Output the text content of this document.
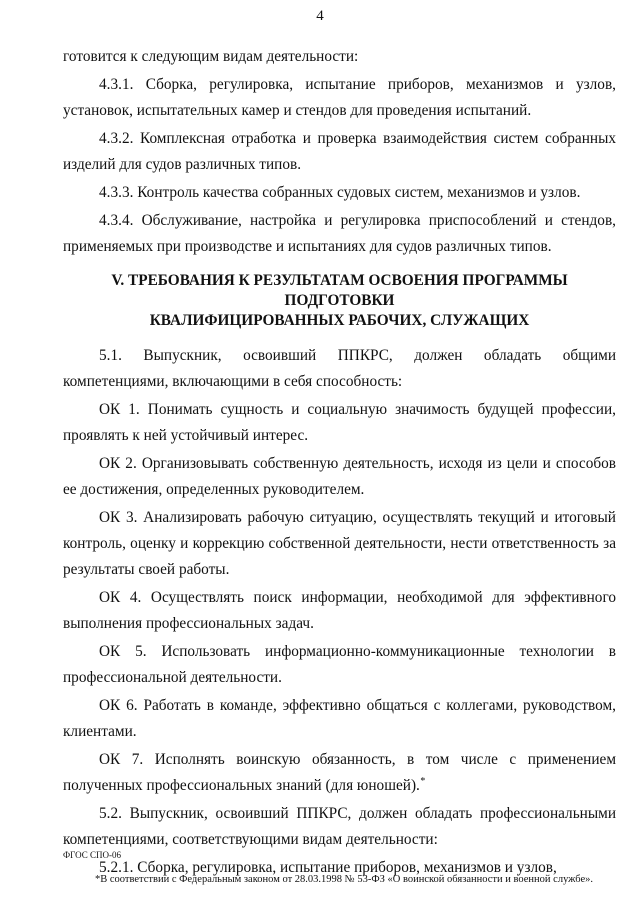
4

готовится к следующим видам деятельности:

4.3.1. Сборка, регулировка, испытание приборов, механизмов и узлов, установок, испытательных камер и стендов для проведения испытаний.

4.3.2. Комплексная отработка и проверка взаимодействия систем собранных изделий для судов различных типов.

4.3.3. Контроль качества собранных судовых систем, механизмов и узлов.

4.3.4. Обслуживание, настройка и регулировка приспособлений и стендов, применяемых при производстве и испытаниях для судов различных типов.

V. ТРЕБОВАНИЯ К РЕЗУЛЬТАТАМ ОСВОЕНИЯ ПРОГРАММЫ ПОДГОТОВКИ
КВАЛИФИЦИРОВАННЫХ РАБОЧИХ, СЛУЖАЩИХ

5.1. Выпускник, освоивший ППКРС, должен обладать общими компетенциями, включающими в себя способность:

ОК 1. Понимать сущность и социальную значимость будущей профессии, проявлять к ней устойчивый интерес.

ОК 2. Организовывать собственную деятельность, исходя из цели и способов ее достижения, определенных руководителем.

ОК 3. Анализировать рабочую ситуацию, осуществлять текущий и итоговый контроль, оценку и коррекцию собственной деятельности, нести ответственность за результаты своей работы.

ОК 4. Осуществлять поиск информации, необходимой для эффективного выполнения профессиональных задач.

ОК 5. Использовать информационно-коммуникационные технологии в профессиональной деятельности.

ОК 6. Работать в команде, эффективно общаться с коллегами, руководством, клиентами.

ОК 7. Исполнять воинскую обязанность, в том числе с применением полученных профессиональных знаний (для юношей).*

5.2. Выпускник, освоивший ППКРС, должен обладать профессиональными компетенциями, соответствующими видам деятельности:

5.2.1. Сборка, регулировка, испытание приборов, механизмов и узлов,

ФГОС СПО-06
*В соответствии с Федеральным законом от 28.03.1998 № 53-ФЗ «О воинской обязанности и военной службе».
